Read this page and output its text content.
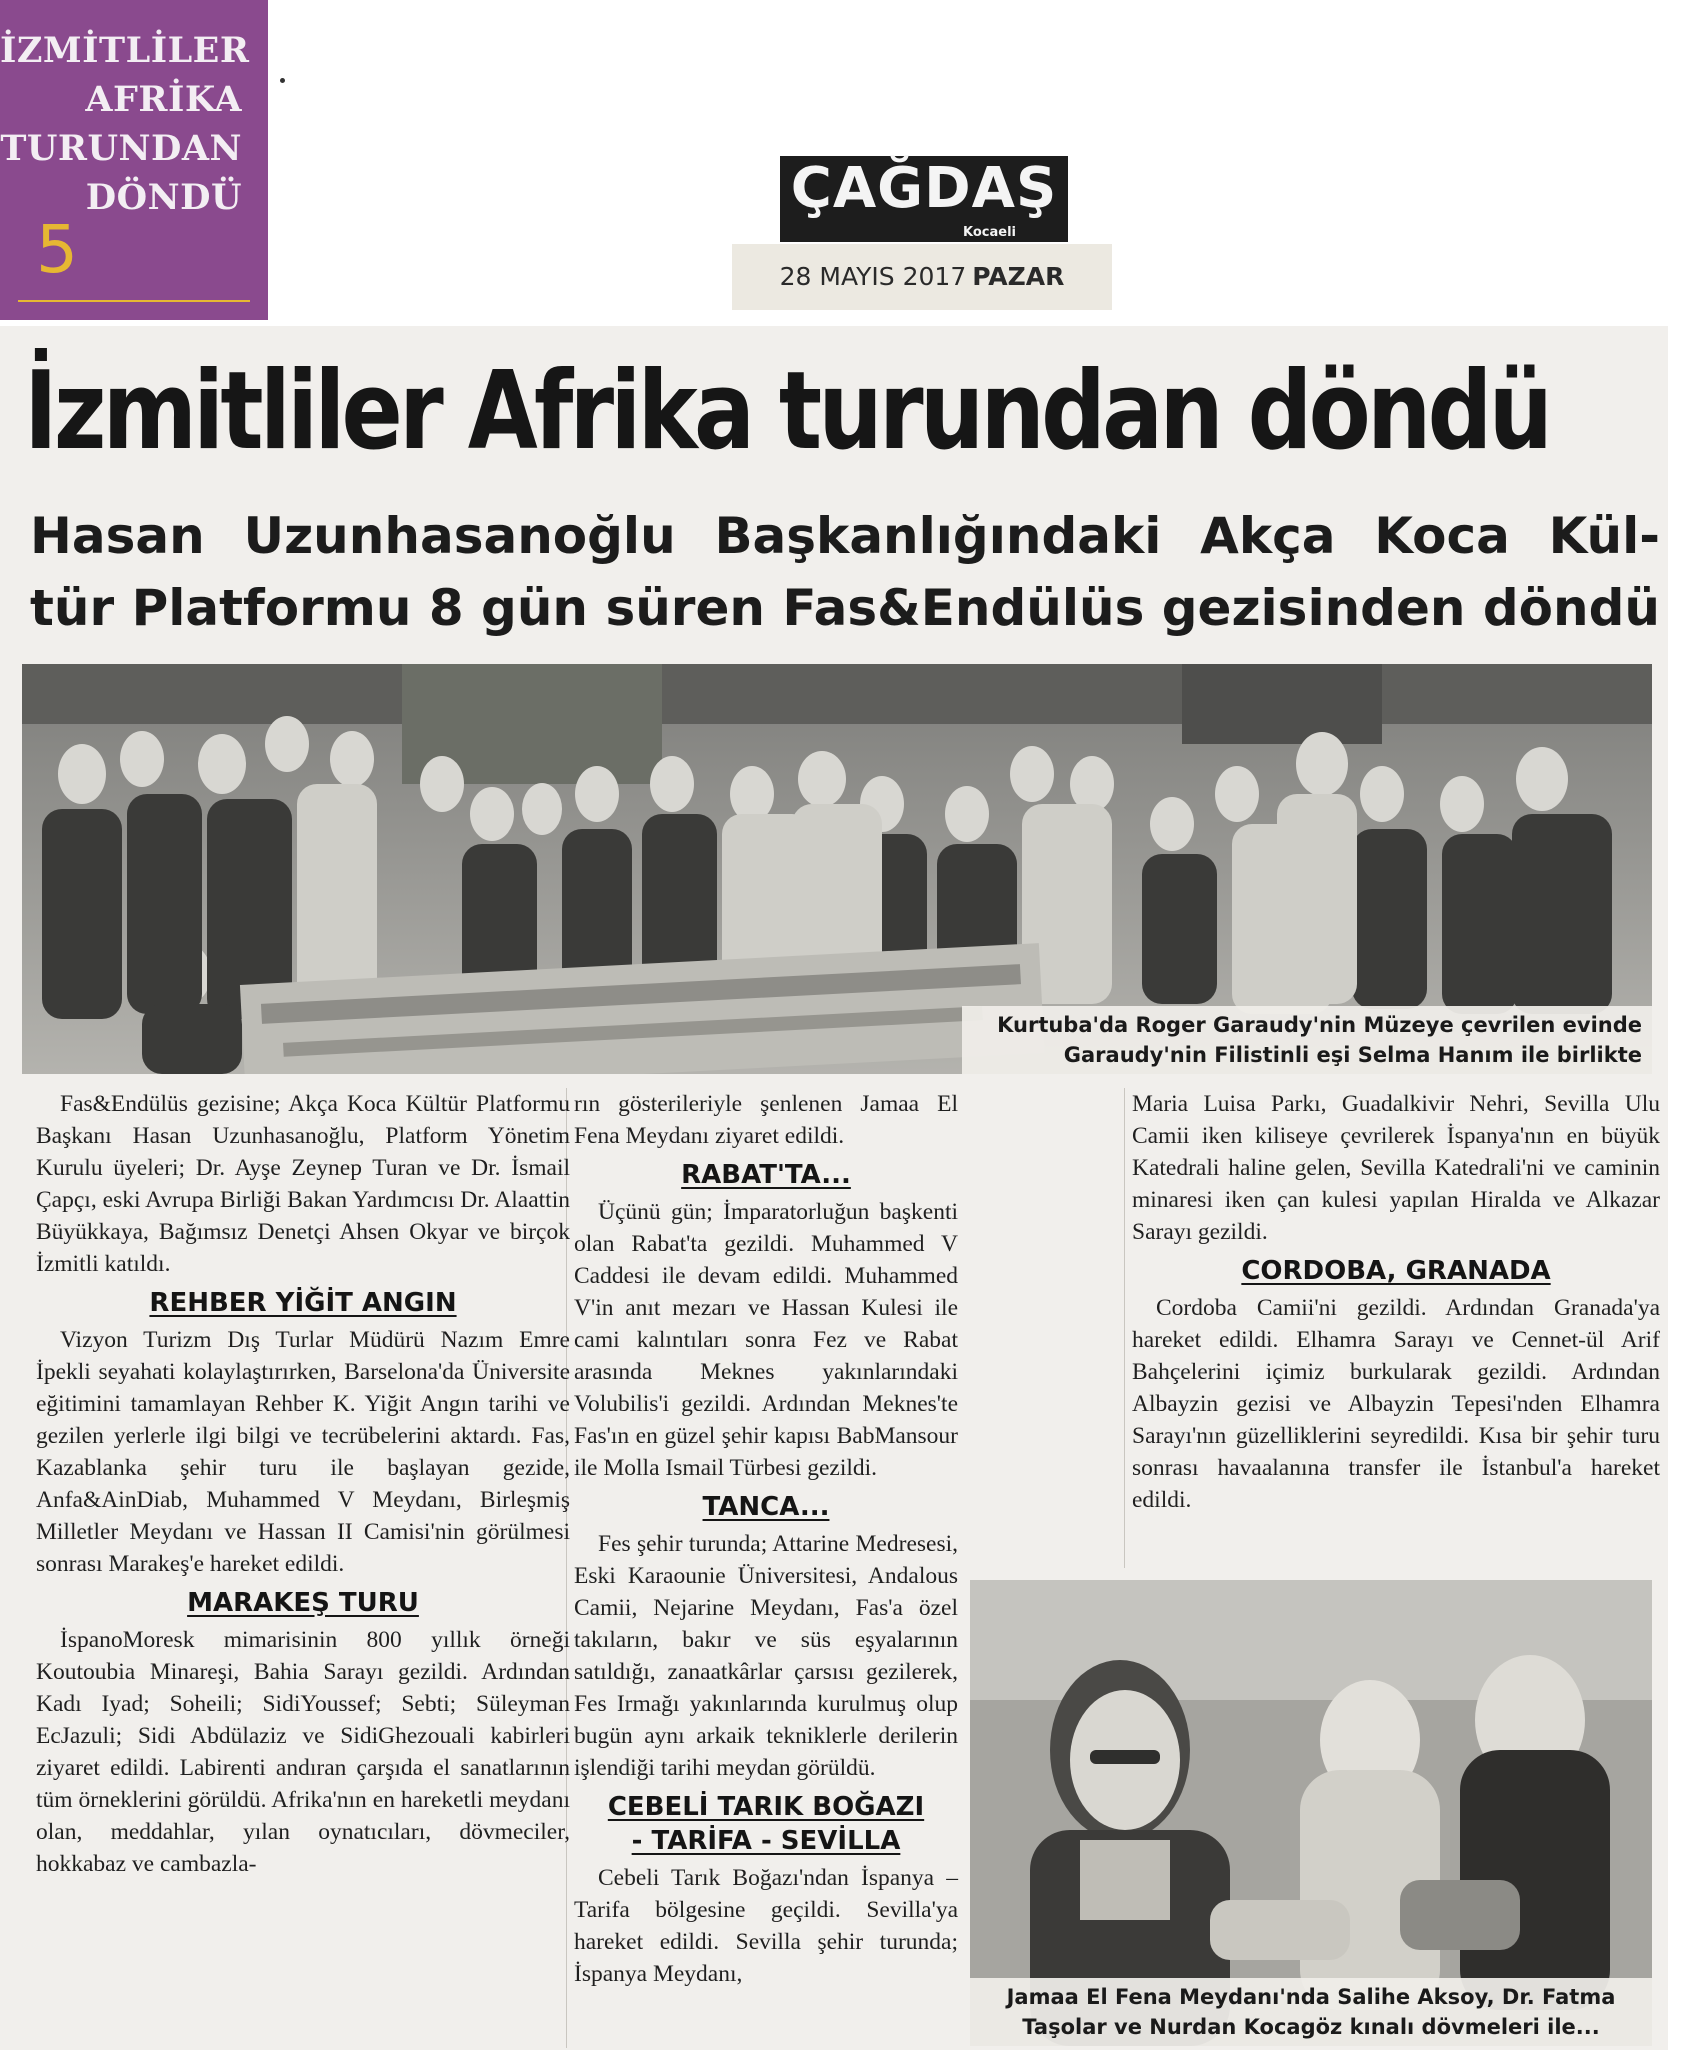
İZMİTLİLER
AFRİKA
TURUNDAN
DÖNDÜ
5
ÇAĞDAŞ
Kocaeli
28 MAYIS 2017 PAZAR
İzmitliler Afrika turundan döndü
Hasan Uzunhasanoğlu Başkanlığındaki Akça Koca Kül-
tür Platformu 8 gün süren Fas&Endülüs gezisinden döndü
Kurtuba'da Roger Garaudy'nin Müzeye çevrilen evinde
Garaudy'nin Filistinli eşi Selma Hanım ile birlikte

Fas&Endülüs gezisine; Akça Koca Kültür Platformu Başkanı Hasan Uzunhasanoğlu, Platform Yönetim Kurulu üyeleri; Dr. Ayşe Zeynep Turan ve Dr. İsmail Çapçı, eski Avrupa Birliği Bakan Yardımcısı Dr. Alaattin Büyükkaya, Bağımsız Denetçi Ahsen Okyar ve birçok İzmitli katıldı.

REHBER YİĞİT ANGIN

Vizyon Turizm Dış Turlar Müdürü Nazım Emre İpekli seyahati kolaylaştırırken, Barselona'da Üniversite eğitimini tamamlayan Rehber K. Yiğit Angın tarihi ve gezilen yerlerle ilgi bilgi ve tecrübelerini aktardı. Fas, Kazablanka şehir turu ile başlayan gezide, Anfa&AinDiab, Muhammed V Meydanı, Birleşmiş Milletler Meydanı ve Hassan II Camisi'nin görülmesi sonrası Marakeş'e hareket edildi.

MARAKEŞ TURU

İspanoMoresk mimarisinin 800 yıllık örneği Koutoubia Minareşi, Bahia Sarayı gezildi. Ardından Kadı Iyad; Soheili; SidiYoussef; Sebti; Süleyman EcJazuli; Sidi Abdülaziz ve SidiGhezouali kabirleri ziyaret edildi. Labirenti andıran çarşıda el sanatlarının tüm örneklerini görüldü. Afrika'nın en hareketli meydanı olan, meddahlar, yılan oynatıcıları, dövmeciler, hokkabaz ve cambazla-

rın gösterileriyle şenlenen Jamaa El Fena Meydanı ziyaret edildi.

RABAT'TA...

Üçünü gün; İmparatorluğun başkenti olan Rabat'ta gezildi. Muhammed V Caddesi ile devam edildi. Muhammed V'in anıt mezarı ve Hassan Kulesi ile cami kalıntıları sonra Fez ve Rabat arasında Meknes yakınlarındaki Volubilis'i gezildi. Ardından Meknes'te Fas'ın en güzel şehir kapısı BabMansour ile Molla Ismail Türbesi gezildi.

TANCA...

Fes şehir turunda; Attarine Medresesi, Eski Karaounie Üniversitesi, Andalous Camii, Nejarine Meydanı, Fas'a özel takıların, bakır ve süs eşyalarının satıldığı, zanaatkârlar çarsısı gezilerek, Fes Irmağı yakınlarında kurulmuş olup bugün aynı arkaik tekniklerle derilerin işlendiği tarihi meydan görüldü.

CEBELİ TARIK BOĞAZI
- TARİFA - SEVİLLA

Cebeli Tarık Boğazı'ndan İspanya – Tarifa bölgesine geçildi. Sevilla'ya hareket edildi. Sevilla şehir turunda; İspanya Meydanı,

Maria Luisa Parkı, Guadalkivir Nehri, Sevilla Ulu Camii iken kiliseye çevrilerek İspanya'nın en büyük Katedrali haline gelen, Sevilla Katedrali'ni ve caminin minaresi iken çan kulesi yapılan Hiralda ve Alkazar Sarayı gezildi.

CORDOBA, GRANADA

Cordoba Camii'ni gezildi. Ardından Granada'ya hareket edildi. Elhamra Sarayı ve Cennet-ül Arif Bahçelerini içimiz burkularak gezildi. Ardından Albayzin gezisi ve Albayzin Tepesi'nden Elhamra Sarayı'nın güzelliklerini seyredildi. Kısa bir şehir turu sonrası havaalanına transfer ile İstanbul'a hareket edildi.

Jamaa El Fena Meydanı'nda Salihe Aksoy, Dr. Fatma
Taşolar ve Nurdan Kocagöz kınalı dövmeleri ile...
